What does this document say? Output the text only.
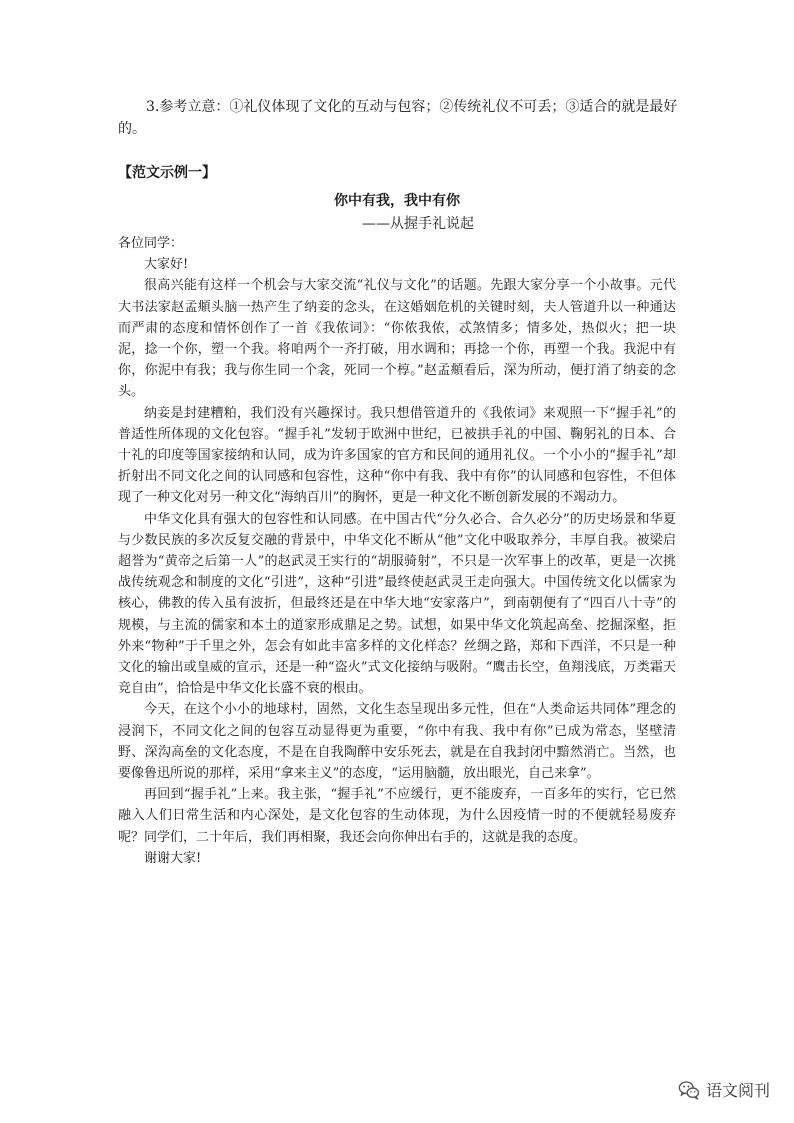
3.参考立意：①礼仪体现了文化的互动与包容；②传统礼仪不可丢；③适合的就是最好的。

【范文示例一】

你中有我，我中有你

——从握手礼说起

各位同学：

大家好!

很高兴能有这样一个机会与大家交流“礼仪与文化”的话题。先跟大家分享一个小故事。元代大书法家赵孟頫头脑一热产生了纳妾的念头，在这婚姻危机的关键时刻，夫人管道升以一种通达而严肃的态度和情怀创作了一首《我侬词》：“你侬我侬，忒煞情多；情多处，热似火；把一块泥，捻一个你，塑一个我。将咱两个一齐打破，用水调和；再捻一个你，再塑一个我。我泥中有你，你泥中有我；我与你生同一个衾，死同一个椁。”赵孟頫看后，深为所动，便打消了纳妾的念头。

纳妾是封建糟粕，我们没有兴趣探讨。我只想借管道升的《我侬词》来观照一下“握手礼”的普适性所体现的文化包容。“握手礼”发轫于欧洲中世纪，已被拱手礼的中国、鞠躬礼的日本、合十礼的印度等国家接纳和认同，成为许多国家的官方和民间的通用礼仪。一个小小的“握手礼”却折射出不同文化之间的认同感和包容性，这种“你中有我、我中有你”的认同感和包容性，不但体现了一种文化对另一种文化“海纳百川”的胸怀，更是一种文化不断创新发展的不竭动力。

中华文化具有强大的包容性和认同感。在中国古代“分久必合、合久必分”的历史场景和华夏与少数民族的多次反复交融的背景中，中华文化不断从“他”文化中吸取养分，丰厚自我。被梁启超誉为“黄帝之后第一人”的赵武灵王实行的“胡服骑射”，不只是一次军事上的改革，更是一次挑战传统观念和制度的文化“引进”，这种“引进”最终使赵武灵王走向强大。中国传统文化以儒家为核心，佛教的传入虽有波折，但最终还是在中华大地“安家落户”，到南朝便有了“四百八十寺”的规模，与主流的儒家和本土的道家形成鼎足之势。试想，如果中华文化筑起高垒、挖掘深壑，拒外来“物种”于千里之外，怎会有如此丰富多样的文化样态？丝绸之路，郑和下西洋，不只是一种文化的输出或皇威的宣示，还是一种“盗火”式文化接纳与吸附。“鹰击长空，鱼翔浅底，万类霜天竞自由”，恰恰是中华文化长盛不衰的根由。

今天，在这个小小的地球村，固然，文化生态呈现出多元性，但在“人类命运共同体”理念的浸润下，不同文化之间的包容互动显得更为重要，“你中有我、我中有你”已成为常态，坚壁清野、深沟高垒的文化态度，不是在自我陶醉中安乐死去，就是在自我封闭中黯然消亡。当然，也要像鲁迅所说的那样，采用“拿来主义”的态度，“运用脑髓，放出眼光，自己来拿”。

再回到“握手礼”上来。我主张，“握手礼”不应缓行，更不能废弃，一百多年的实行，它已然融入人们日常生活和内心深处，是文化包容的生动体现，为什么因疫情一时的不便就轻易废弃呢？同学们，二十年后，我们再相聚，我还会向你伸出右手的，这就是我的态度。

谢谢大家!

语文阅刊
